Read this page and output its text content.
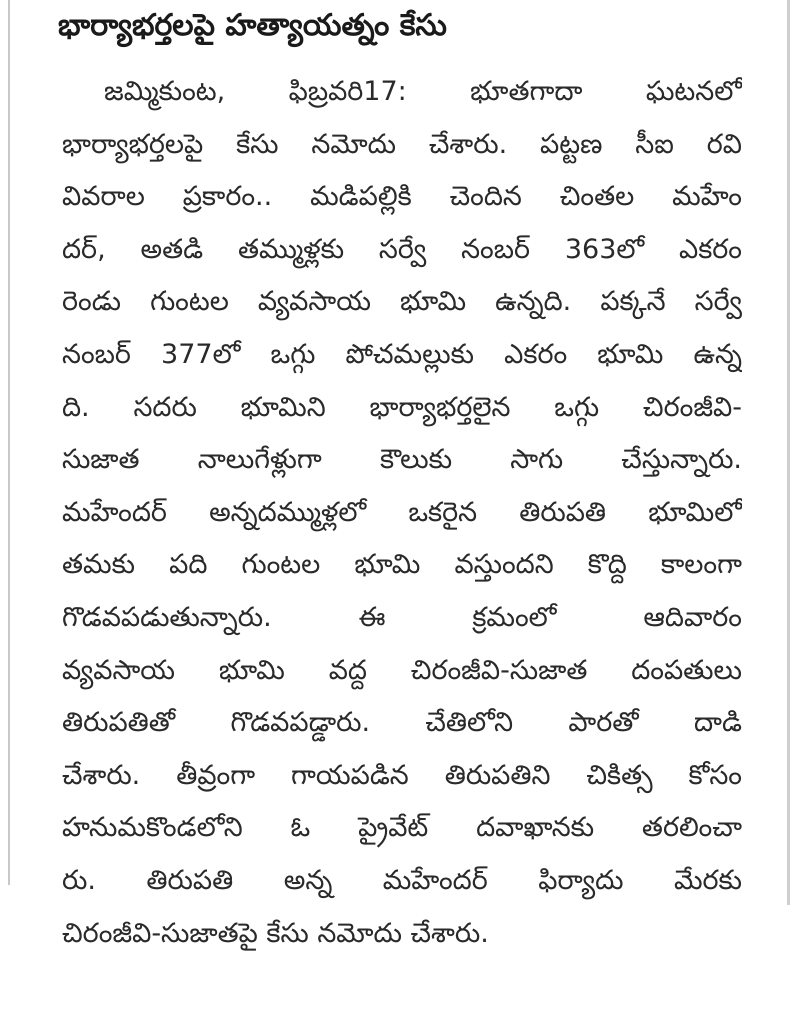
భార్యాభర్తలపై హత్యాయత్నం కేసు
జమ్మికుంట, ఫిబ్రవరి17: భూతగాదా ఘటనలో
భార్యాభర్తలపై కేసు నమోదు చేశారు. పట్టణ సీఐ రవి
వివరాల ప్రకారం.. మడిపల్లికి చెందిన చింతల మహేం
దర్, అతడి తమ్ముళ్లకు సర్వే నంబర్ 363లో ఎకరం
రెండు గుంటల వ్యవసాయ భూమి ఉన్నది. పక్కనే సర్వే
నంబర్ 377లో ఒగ్గు పోచమల్లుకు ఎకరం భూమి ఉన్న
ది. సదరు భూమిని భార్యాభర్తలైన ఒగ్గు చిరంజీవి-
సుజాత నాలుగేళ్లుగా కౌలుకు సాగు చేస్తున్నారు.
మహేందర్ అన్నదమ్ముళ్లలో ఒకరైన తిరుపతి భూమిలో
తమకు పది గుంటల భూమి వస్తుందని కొద్ది కాలంగా
గొడవపడుతున్నారు. ఈ క్రమంలో ఆదివారం
వ్యవసాయ భూమి వద్ద చిరంజీవి-సుజాత దంపతులు
తిరుపతితో గొడవపడ్డారు. చేతిలోని పారతో దాడి
చేశారు. తీవ్రంగా గాయపడిన తిరుపతిని చికిత్స కోసం
హనుమకొండలోని ఓ ప్రైవేట్ దవాఖానకు తరలించా
రు. తిరుపతి అన్న మహేందర్ ఫిర్యాదు మేరకు
చిరంజీవి-సుజాతపై కేసు నమోదు చేశారు.
